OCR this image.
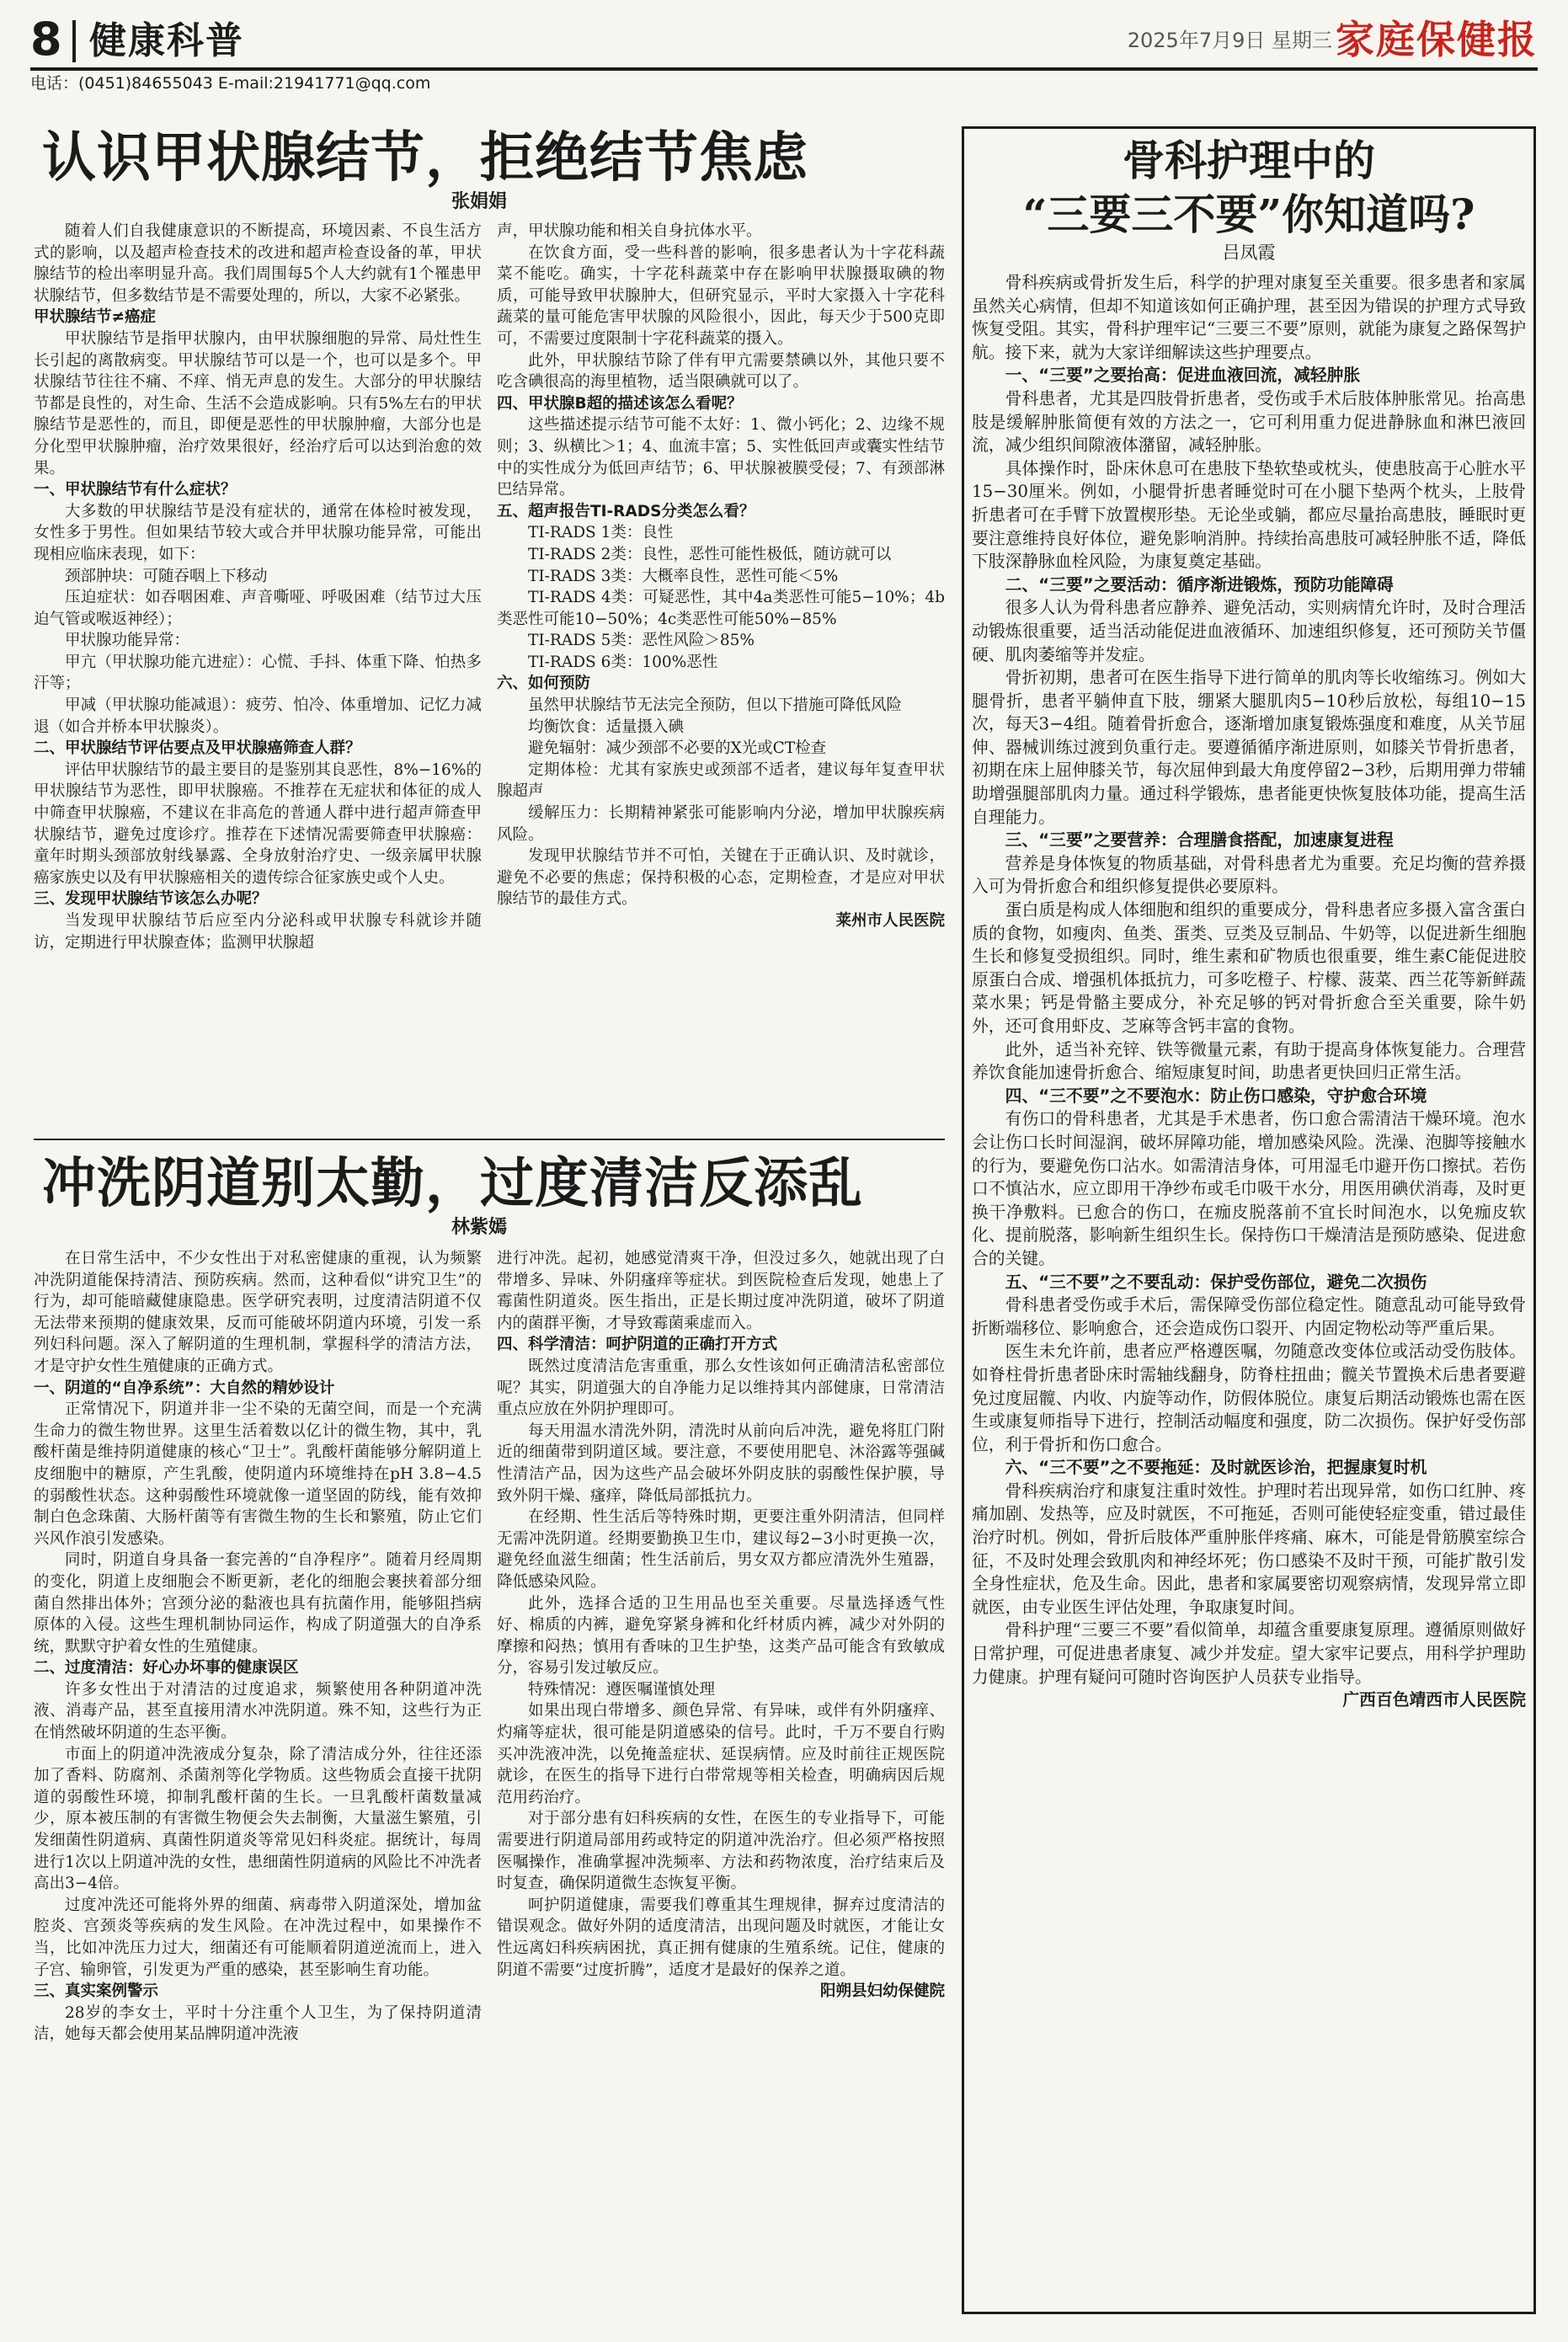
8 健康科普	2025年7月9日 星期三 家庭保健报
电话：(0451)84655043 E-mail:21941771@qq.com
认识甲状腺结节，拒绝结节焦虑
张娟娟

随着人们自我健康意识的不断提高，环境因素、不良生活方式的影响，以及超声检查技术的改进和超声检查设备的革，甲状腺结节的检出率明显升高。我们周围每5个人大约就有1个罹患甲状腺结节，但多数结节是不需要处理的，所以，大家不必紧张。

甲状腺结节≠癌症

甲状腺结节是指甲状腺内，由甲状腺细胞的异常、局灶性生长引起的离散病变。甲状腺结节可以是一个，也可以是多个。甲状腺结节往往不痛、不痒、悄无声息的发生。大部分的甲状腺结节都是良性的，对生命、生活不会造成影响。只有5%左右的甲状腺结节是恶性的，而且，即便是恶性的甲状腺肿瘤，大部分也是分化型甲状腺肿瘤，治疗效果很好，经治疗后可以达到治愈的效果。

一、甲状腺结节有什么症状？

大多数的甲状腺结节是没有症状的，通常在体检时被发现，女性多于男性。但如果结节较大或合并甲状腺功能异常，可能出现相应临床表现，如下：

颈部肿块：可随吞咽上下移动

压迫症状：如吞咽困难、声音嘶哑、呼吸困难（结节过大压迫气管或喉返神经）；

甲状腺功能异常：

甲亢（甲状腺功能亢进症）：心慌、手抖、体重下降、怕热多汗等；

甲减（甲状腺功能减退）：疲劳、怕冷、体重增加、记忆力减退（如合并桥本甲状腺炎）。

二、甲状腺结节评估要点及甲状腺癌筛查人群？

评估甲状腺结节的最主要目的是鉴别其良恶性，8%−16%的甲状腺结节为恶性，即甲状腺癌。不推荐在无症状和体征的成人中筛查甲状腺癌，不建议在非高危的普通人群中进行超声筛查甲状腺结节，避免过度诊疗。推荐在下述情况需要筛查甲状腺癌：童年时期头颈部放射线暴露、全身放射治疗史、一级亲属甲状腺癌家族史以及有甲状腺癌相关的遗传综合征家族史或个人史。

三、发现甲状腺结节该怎么办呢？

当发现甲状腺结节后应至内分泌科或甲状腺专科就诊并随访，定期进行甲状腺查体；监测甲状腺超

声，甲状腺功能和相关自身抗体水平。

在饮食方面，受一些科普的影响，很多患者认为十字花科蔬菜不能吃。确实，十字花科蔬菜中存在影响甲状腺摄取碘的物质，可能导致甲状腺肿大，但研究显示，平时大家摄入十字花科蔬菜的量可能危害甲状腺的风险很小，因此，每天少于500克即可，不需要过度限制十字花科蔬菜的摄入。

此外，甲状腺结节除了伴有甲亢需要禁碘以外，其他只要不吃含碘很高的海里植物，适当限碘就可以了。

四、甲状腺B超的描述该怎么看呢？

这些描述提示结节可能不太好：1、微小钙化；2、边缘不规则；3、纵横比＞1；4、血流丰富；5、实性低回声或囊实性结节中的实性成分为低回声结节；6、甲状腺被膜受侵；7、有颈部淋巴结异常。

五、超声报告TI-RADS分类怎么看？

TI-RADS 1类：良性

TI-RADS 2类：良性，恶性可能性极低，随访就可以

TI-RADS 3类：大概率良性，恶性可能＜5%

TI-RADS 4类：可疑恶性，其中4a类恶性可能5−10%；4b类恶性可能10−50%；4c类恶性可能50%−85%

TI-RADS 5类：恶性风险＞85%

TI-RADS 6类：100%恶性

六、如何预防

虽然甲状腺结节无法完全预防，但以下措施可降低风险

均衡饮食：适量摄入碘

避免辐射：减少颈部不必要的X光或CT检查

定期体检：尤其有家族史或颈部不适者，建议每年复查甲状腺超声

缓解压力：长期精神紧张可能影响内分泌，增加甲状腺疾病风险。

发现甲状腺结节并不可怕，关键在于正确认识、及时就诊，避免不必要的焦虑；保持积极的心态，定期检查，才是应对甲状腺结节的最佳方式。

莱州市人民医院

冲洗阴道别太勤，过度清洁反添乱
林紫嫣

在日常生活中，不少女性出于对私密健康的重视，认为频繁冲洗阴道能保持清洁、预防疾病。然而，这种看似“讲究卫生”的行为，却可能暗藏健康隐患。医学研究表明，过度清洁阴道不仅无法带来预期的健康效果，反而可能破坏阴道内环境，引发一系列妇科问题。深入了解阴道的生理机制，掌握科学的清洁方法，才是守护女性生殖健康的正确方式。

一、阴道的“自净系统”：大自然的精妙设计

正常情况下，阴道并非一尘不染的无菌空间，而是一个充满生命力的微生物世界。这里生活着数以亿计的微生物，其中，乳酸杆菌是维持阴道健康的核心“卫士”。乳酸杆菌能够分解阴道上皮细胞中的糖原，产生乳酸，使阴道内环境维持在pH 3.8−4.5的弱酸性状态。这种弱酸性环境就像一道坚固的防线，能有效抑制白色念珠菌、大肠杆菌等有害微生物的生长和繁殖，防止它们兴风作浪引发感染。

同时，阴道自身具备一套完善的“自净程序”。随着月经周期的变化，阴道上皮细胞会不断更新，老化的细胞会裹挟着部分细菌自然排出体外；宫颈分泌的黏液也具有抗菌作用，能够阻挡病原体的入侵。这些生理机制协同运作，构成了阴道强大的自净系统，默默守护着女性的生殖健康。

二、过度清洁：好心办坏事的健康误区

许多女性出于对清洁的过度追求，频繁使用各种阴道冲洗液、消毒产品，甚至直接用清水冲洗阴道。殊不知，这些行为正在悄然破坏阴道的生态平衡。

市面上的阴道冲洗液成分复杂，除了清洁成分外，往往还添加了香料、防腐剂、杀菌剂等化学物质。这些物质会直接干扰阴道的弱酸性环境，抑制乳酸杆菌的生长。一旦乳酸杆菌数量减少，原本被压制的有害微生物便会失去制衡，大量滋生繁殖，引发细菌性阴道病、真菌性阴道炎等常见妇科炎症。据统计，每周进行1次以上阴道冲洗的女性，患细菌性阴道病的风险比不冲洗者高出3−4倍。

过度冲洗还可能将外界的细菌、病毒带入阴道深处，增加盆腔炎、宫颈炎等疾病的发生风险。在冲洗过程中，如果操作不当，比如冲洗压力过大，细菌还有可能顺着阴道逆流而上，进入子宫、输卵管，引发更为严重的感染，甚至影响生育功能。

三、真实案例警示

28岁的李女士，平时十分注重个人卫生，为了保持阴道清洁，她每天都会使用某品牌阴道冲洗液

进行冲洗。起初，她感觉清爽干净，但没过多久，她就出现了白带增多、异味、外阴瘙痒等症状。到医院检查后发现，她患上了霉菌性阴道炎。医生指出，正是长期过度冲洗阴道，破坏了阴道内的菌群平衡，才导致霉菌乘虚而入。

四、科学清洁：呵护阴道的正确打开方式

既然过度清洁危害重重，那么女性该如何正确清洁私密部位呢？其实，阴道强大的自净能力足以维持其内部健康，日常清洁重点应放在外阴护理即可。

每天用温水清洗外阴，清洗时从前向后冲洗，避免将肛门附近的细菌带到阴道区域。要注意，不要使用肥皂、沐浴露等强碱性清洁产品，因为这些产品会破坏外阴皮肤的弱酸性保护膜，导致外阴干燥、瘙痒，降低局部抵抗力。

在经期、性生活后等特殊时期，更要注重外阴清洁，但同样无需冲洗阴道。经期要勤换卫生巾，建议每2−3小时更换一次，避免经血滋生细菌；性生活前后，男女双方都应清洗外生殖器，降低感染风险。

此外，选择合适的卫生用品也至关重要。尽量选择透气性好、棉质的内裤，避免穿紧身裤和化纤材质内裤，减少对外阴的摩擦和闷热；慎用有香味的卫生护垫，这类产品可能含有致敏成分，容易引发过敏反应。

特殊情况：遵医嘱谨慎处理

如果出现白带增多、颜色异常、有异味，或伴有外阴瘙痒、灼痛等症状，很可能是阴道感染的信号。此时，千万不要自行购买冲洗液冲洗，以免掩盖症状、延误病情。应及时前往正规医院就诊，在医生的指导下进行白带常规等相关检查，明确病因后规范用药治疗。

对于部分患有妇科疾病的女性，在医生的专业指导下，可能需要进行阴道局部用药或特定的阴道冲洗治疗。但必须严格按照医嘱操作，准确掌握冲洗频率、方法和药物浓度，治疗结束后及时复查，确保阴道微生态恢复平衡。

呵护阴道健康，需要我们尊重其生理规律，摒弃过度清洁的错误观念。做好外阴的适度清洁，出现问题及时就医，才能让女性远离妇科疾病困扰，真正拥有健康的生殖系统。记住，健康的阴道不需要“过度折腾”，适度才是最好的保养之道。

阳朔县妇幼保健院

骨科护理中的
“三要三不要”你知道吗?
吕凤霞

骨科疾病或骨折发生后，科学的护理对康复至关重要。很多患者和家属虽然关心病情，但却不知道该如何正确护理，甚至因为错误的护理方式导致恢复受阻。其实，骨科护理牢记“三要三不要”原则，就能为康复之路保驾护航。接下来，就为大家详细解读这些护理要点。

一、“三要”之要抬高：促进血液回流，减轻肿胀

骨科患者，尤其是四肢骨折患者，受伤或手术后肢体肿胀常见。抬高患肢是缓解肿胀简便有效的方法之一，它可利用重力促进静脉血和淋巴液回流，减少组织间隙液体潴留，减轻肿胀。

具体操作时，卧床休息可在患肢下垫软垫或枕头，使患肢高于心脏水平15−30厘米。例如，小腿骨折患者睡觉时可在小腿下垫两个枕头，上肢骨折患者可在手臂下放置楔形垫。无论坐或躺，都应尽量抬高患肢，睡眠时更要注意维持良好体位，避免影响消肿。持续抬高患肢可减轻肿胀不适，降低下肢深静脉血栓风险，为康复奠定基础。

二、“三要”之要活动：循序渐进锻炼，预防功能障碍

很多人认为骨科患者应静养、避免活动，实则病情允许时，及时合理活动锻炼很重要，适当活动能促进血液循环、加速组织修复，还可预防关节僵硬、肌肉萎缩等并发症。

骨折初期，患者可在医生指导下进行简单的肌肉等长收缩练习。例如大腿骨折，患者平躺伸直下肢，绷紧大腿肌肉5−10秒后放松，每组10−15次，每天3−4组。随着骨折愈合，逐渐增加康复锻炼强度和难度，从关节屈伸、器械训练过渡到负重行走。要遵循循序渐进原则，如膝关节骨折患者，初期在床上屈伸膝关节，每次屈伸到最大角度停留2−3秒，后期用弹力带辅助增强腿部肌肉力量。通过科学锻炼，患者能更快恢复肢体功能，提高生活自理能力。

三、“三要”之要营养：合理膳食搭配，加速康复进程

营养是身体恢复的物质基础，对骨科患者尤为重要。充足均衡的营养摄入可为骨折愈合和组织修复提供必要原料。

蛋白质是构成人体细胞和组织的重要成分，骨科患者应多摄入富含蛋白质的食物，如瘦肉、鱼类、蛋类、豆类及豆制品、牛奶等，以促进新生细胞生长和修复受损组织。同时，维生素和矿物质也很重要，维生素C能促进胶原蛋白合成、增强机体抵抗力，可多吃橙子、柠檬、菠菜、西兰花等新鲜蔬菜水果；钙是骨骼主要成分，补充足够的钙对骨折愈合至关重要，除牛奶外，还可食用虾皮、芝麻等含钙丰富的食物。

此外，适当补充锌、铁等微量元素，有助于提高身体恢复能力。合理营养饮食能加速骨折愈合、缩短康复时间，助患者更快回归正常生活。

四、“三不要”之不要泡水：防止伤口感染，守护愈合环境

有伤口的骨科患者，尤其是手术患者，伤口愈合需清洁干燥环境。泡水会让伤口长时间湿润，破坏屏障功能，增加感染风险。洗澡、泡脚等接触水的行为，要避免伤口沾水。如需清洁身体，可用湿毛巾避开伤口擦拭。若伤口不慎沾水，应立即用干净纱布或毛巾吸干水分，用医用碘伏消毒，及时更换干净敷料。已愈合的伤口，在痂皮脱落前不宜长时间泡水，以免痂皮软化、提前脱落，影响新生组织生长。保持伤口干燥清洁是预防感染、促进愈合的关键。

五、“三不要”之不要乱动：保护受伤部位，避免二次损伤

骨科患者受伤或手术后，需保障受伤部位稳定性。随意乱动可能导致骨折断端移位、影响愈合，还会造成伤口裂开、内固定物松动等严重后果。

医生未允许前，患者应严格遵医嘱，勿随意改变体位或活动受伤肢体。如脊柱骨折患者卧床时需轴线翻身，防脊柱扭曲；髋关节置换术后患者要避免过度屈髋、内收、内旋等动作，防假体脱位。康复后期活动锻炼也需在医生或康复师指导下进行，控制活动幅度和强度，防二次损伤。保护好受伤部位，利于骨折和伤口愈合。

六、“三不要”之不要拖延：及时就医诊治，把握康复时机

骨科疾病治疗和康复注重时效性。护理时若出现异常，如伤口红肿、疼痛加剧、发热等，应及时就医，不可拖延，否则可能使轻症变重，错过最佳治疗时机。例如，骨折后肢体严重肿胀伴疼痛、麻木，可能是骨筋膜室综合征，不及时处理会致肌肉和神经坏死；伤口感染不及时干预，可能扩散引发全身性症状，危及生命。因此，患者和家属要密切观察病情，发现异常立即就医，由专业医生评估处理，争取康复时间。

骨科护理“三要三不要”看似简单，却蕴含重要康复原理。遵循原则做好日常护理，可促进患者康复、减少并发症。望大家牢记要点，用科学护理助力健康。护理有疑问可随时咨询医护人员获专业指导。

广西百色靖西市人民医院
